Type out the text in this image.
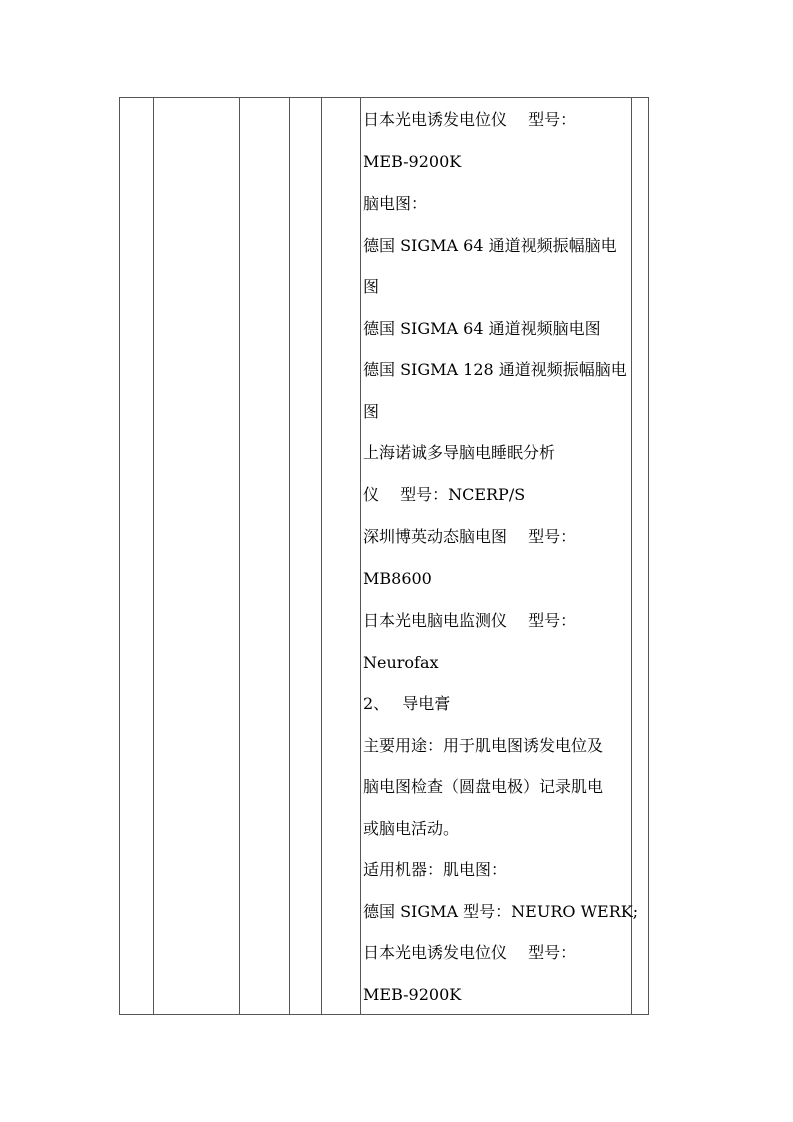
日本光电诱发电位仪　 型号：
MEB-9200K
脑电图：
德国 SIGMA 64 通道视频振幅脑电
图
德国 SIGMA 64 通道视频脑电图
德国 SIGMA 128 通道视频振幅脑电
图
上海诺诚多导脑电睡眠分析
仪　 型号：NCERP/S
深圳博英动态脑电图　 型号：
MB8600
日本光电脑电监测仪　 型号：
Neurofax
2、　 导电膏
主要用途：用于肌电图诱发电位及
脑电图检查（圆盘电极）记录肌电
或脑电活动。
适用机器：肌电图：
德国 SIGMA 型号：NEURO WERK;
日本光电诱发电位仪　 型号：
MEB-9200K
